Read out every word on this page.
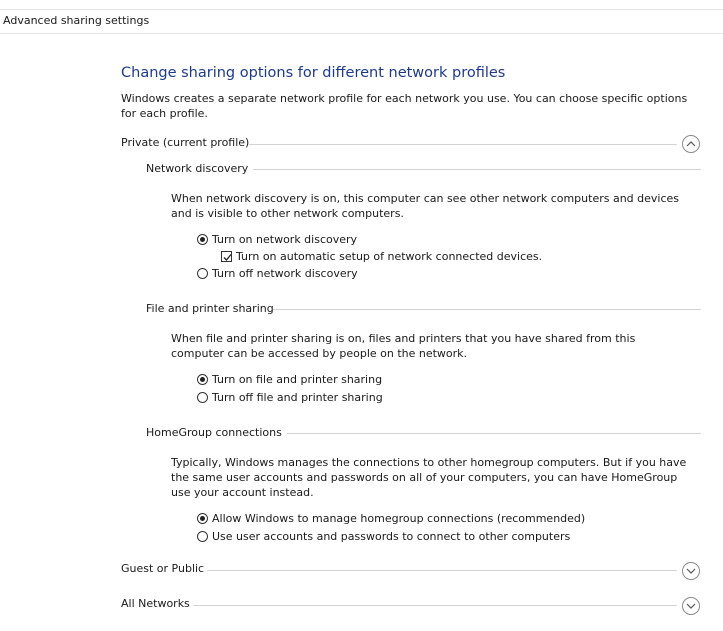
Advanced sharing settings
Change sharing options for different network profiles
Windows creates a separate network profile for each network you use. You can choose specific options for each profile.
Private (current profile)
Network discovery
When network discovery is on, this computer can see other network computers and devices and is visible to other network computers.
Turn on network discovery
Turn on automatic setup of network connected devices.
Turn off network discovery
File and printer sharing
When file and printer sharing is on, files and printers that you have shared from this computer can be accessed by people on the network.
Turn on file and printer sharing
Turn off file and printer sharing
HomeGroup connections
Typically, Windows manages the connections to other homegroup computers. But if you have the same user accounts and passwords on all of your computers, you can have HomeGroup use your account instead.
Allow Windows to manage homegroup connections (recommended)
Use user accounts and passwords to connect to other computers
Guest or Public
All Networks
